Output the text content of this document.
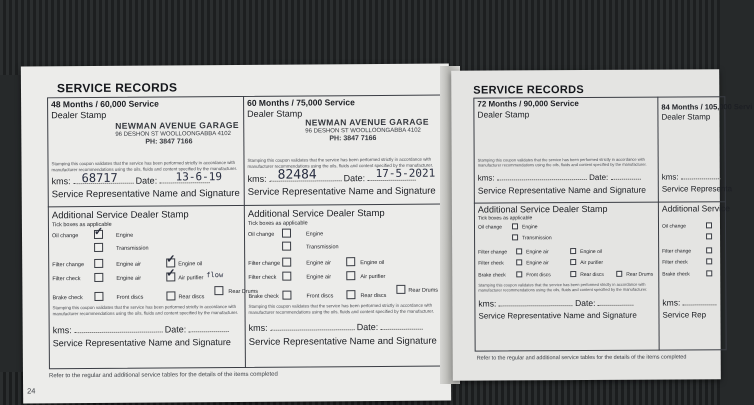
SERVICE RECORDS
48 Months / 60,000 Service
Dealer Stamp
NEWMAN AVENUE GARAGE
96 DESHON ST WOOLLOONGABBA 4102
PH: 3847 7166
Stamping this coupon validates that the service has been performed strictly in accordance with manufacturer recommendations using the oils, fluids and content specified by the manufacturer.
kms:	Date:
68717	13-6-19
Service Representative Name and Signature
60 Months / 75,000 Service
Dealer Stamp
NEWMAN AVENUE GARAGE
96 DESHON ST WOOLLOONGABBA 4102
PH: 3847 7166
Stamping this coupon validates that the service has been performed strictly in accordance with manufacturer recommendations using the oils, fluids and content specified by the manufacturer.
kms:	Date:
82484	17-5-2021
Service Representative Name and Signature
Additional Service Dealer Stamp
Tick boxes as applicable
Oil change ✓ Engine
Transmission
Filter change	Engine air ✓ Engine oil
Filter check	Engine air ✓ Air purifier flow
Rear Drums
Brake check	Front discs	Rear discs
Stamping this coupon validates that the service has been performed strictly in accordance with manufacturer recommendations using the oils, fluids and content specified by the manufacturer.
kms:	Date:
Service Representative Name and Signature
Additional Service Dealer Stamp
Tick boxes as applicable
Oil change	Engine
Transmission
Filter change	Engine air	Engine oil
Filter check	Engine air	Air purifier
Rear Drums
Brake check	Front discs	Rear discs
Stamping this coupon validates that the service has been performed strictly in accordance with manufacturer recommendations using the oils, fluids and content specified by the manufacturer.
kms:	Date:
Service Representative Name and Signature
Refer to the regular and additional service tables for the details of the items completed
24
SERVICE RECORDS
72 Months / 90,000 Service
Dealer Stamp
Stamping this coupon validates that the service has been performed strictly in accordance with manufacturer recommendations using the oils, fluids and content specified by the manufacturer.
kms:	Date:
Service Representative Name and Signature
84 Months / 105,000 Servi
Dealer Stamp
kms:
Service Representa
Additional Service Dealer Stamp
Tick boxes as applicable
Oil change	Engine
Transmission
Filter change	Engine air	Engine oil
Filter check	Engine air	Air purifier
Brake check	Front discs	Rear discs	Rear Drums
Stamping this coupon validates that the service has been performed strictly in accordance with manufacturer recommendations using the oils, fluids and content specified by the manufacturer.
kms:	Date:
Service Representative Name and Signature
Additional Service
Oil change
Filter change
Filter check
Brake check
kms:
Service Rep
Refer to the regular and additional service tables for the details of the items completed
